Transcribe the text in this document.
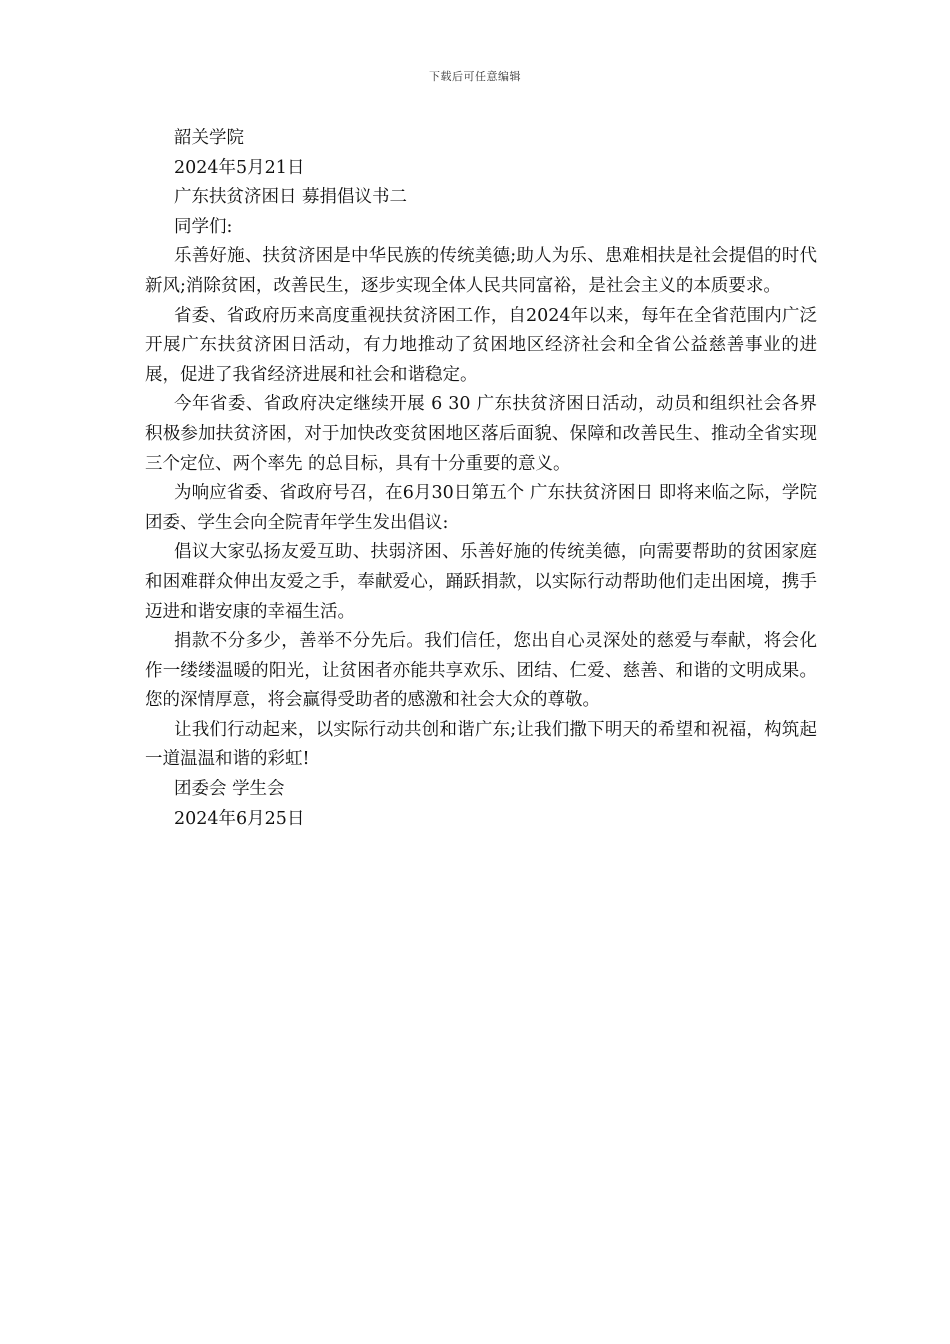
下载后可任意编辑

韶关学院

2024年5月21日

广东扶贫济困日 募捐倡议书二

同学们:

乐善好施、扶贫济困是中华民族的传统美德;助人为乐、患难相扶是社会提倡的时代新风;消除贫困，改善民生，逐步实现全体人民共同富裕，是社会主义的本质要求。

省委、省政府历来高度重视扶贫济困工作，自2024年以来，每年在全省范围内广泛开展广东扶贫济困日活动，有力地推动了贫困地区经济社会和全省公益慈善事业的进展，促进了我省经济进展和社会和谐稳定。

今年省委、省政府决定继续开展 6 30 广东扶贫济困日活动，动员和组织社会各界积极参加扶贫济困，对于加快改变贫困地区落后面貌、保障和改善民生、推动全省实现 三个定位、两个率先 的总目标，具有十分重要的意义。

为响应省委、省政府号召，在6月30日第五个 广东扶贫济困日 即将来临之际，学院团委、学生会向全院青年学生发出倡议:

倡议大家弘扬友爱互助、扶弱济困、乐善好施的传统美德，向需要帮助的贫困家庭和困难群众伸出友爱之手，奉献爱心，踊跃捐款，以实际行动帮助他们走出困境，携手迈进和谐安康的幸福生活。

捐款不分多少，善举不分先后。我们信任，您出自心灵深处的慈爱与奉献，将会化作一缕缕温暖的阳光，让贫困者亦能共享欢乐、团结、仁爱、慈善、和谐的文明成果。您的深情厚意，将会赢得受助者的感激和社会大众的尊敬。

让我们行动起来，以实际行动共创和谐广东;让我们撒下明天的希望和祝福，构筑起一道温温和谐的彩虹!

团委会 学生会

2024年6月25日
